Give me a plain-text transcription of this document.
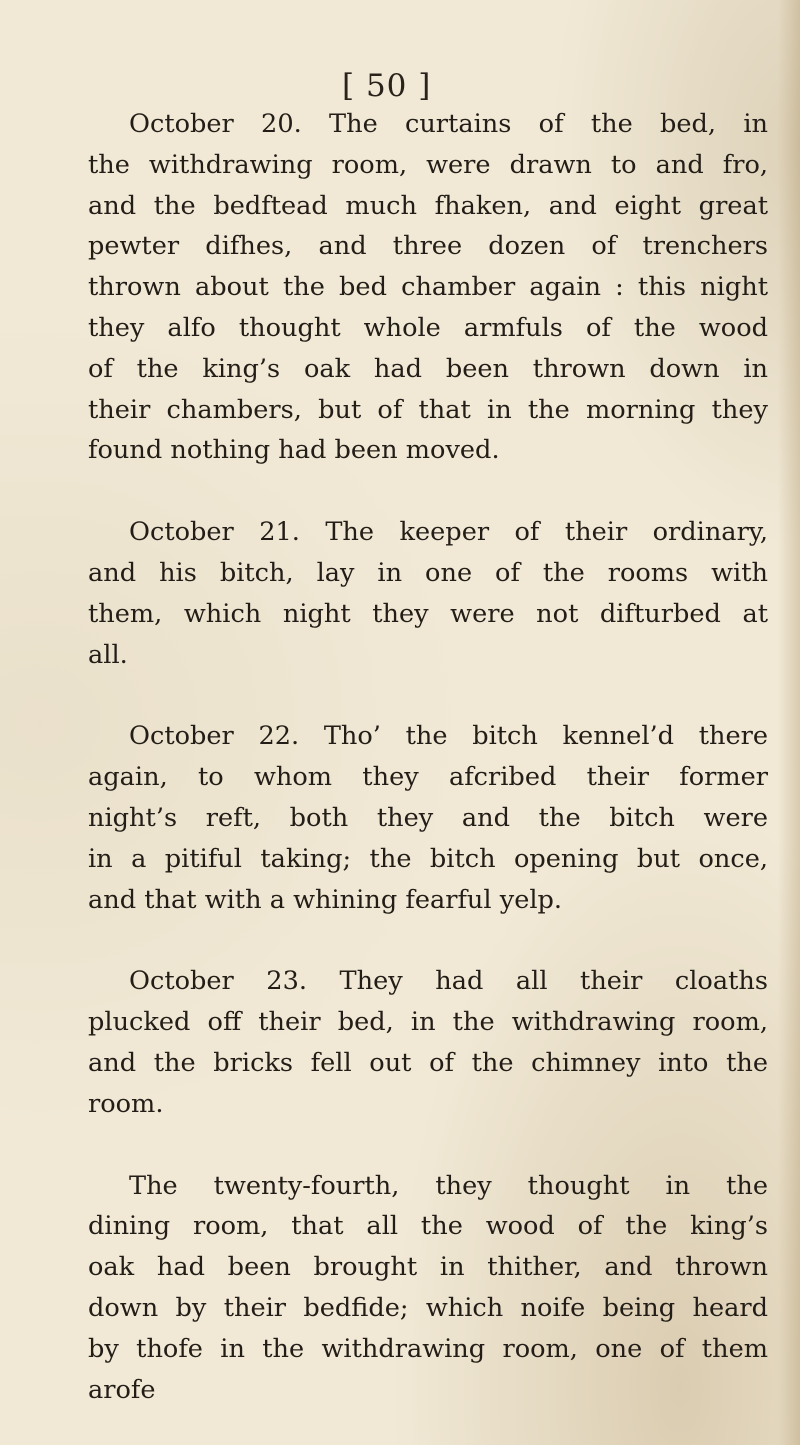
[ 50 ]

October 20. The curtains of the bed, in
the withdrawing room, were drawn to and fro,
and the bedftead much fhaken, and eight great
pewter difhes, and three dozen of trenchers
thrown about the bed chamber again : this night
they alfo thought whole armfuls of the wood
of the king’s oak had been thrown down in
their chambers, but of that in the morning they
found nothing had been moved.

October 21. The keeper of their ordinary,
and his bitch, lay in one of the rooms with
them, which night they were not difturbed at
all.

October 22. Tho’ the bitch kennel’d there
again, to whom they afcribed their former
night’s reft, both they and the bitch were
in a pitiful taking; the bitch opening but once,
and that with a whining fearful yelp.

October 23. They had all their cloaths
plucked off their bed, in the withdrawing room,
and the bricks fell out of the chimney into the
room.

The twenty-fourth, they thought in the
dining room, that all the wood of the king’s
oak had been brought in thither, and thrown
down by their bedfide; which noife being heard
by thofe in the withdrawing room, one of them
arofe
